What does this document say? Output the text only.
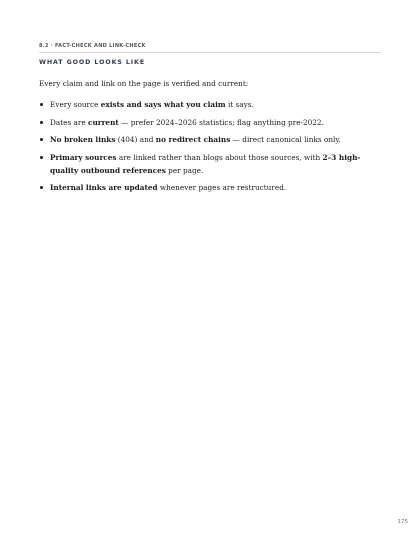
8.2 · FACT-CHECK AND LINK-CHECK
WHAT GOOD LOOKS LIKE
Every claim and link on the page is verified and current:
Every source exists and says what you claim it says.
Dates are current — prefer 2024–2026 statistics; flag anything pre-2022.
No broken links (404) and no redirect chains — direct canonical links only.
Primary sources are linked rather than blogs about those sources, with 2–3 high-quality outbound references per page.
Internal links are updated whenever pages are restructured.
175
